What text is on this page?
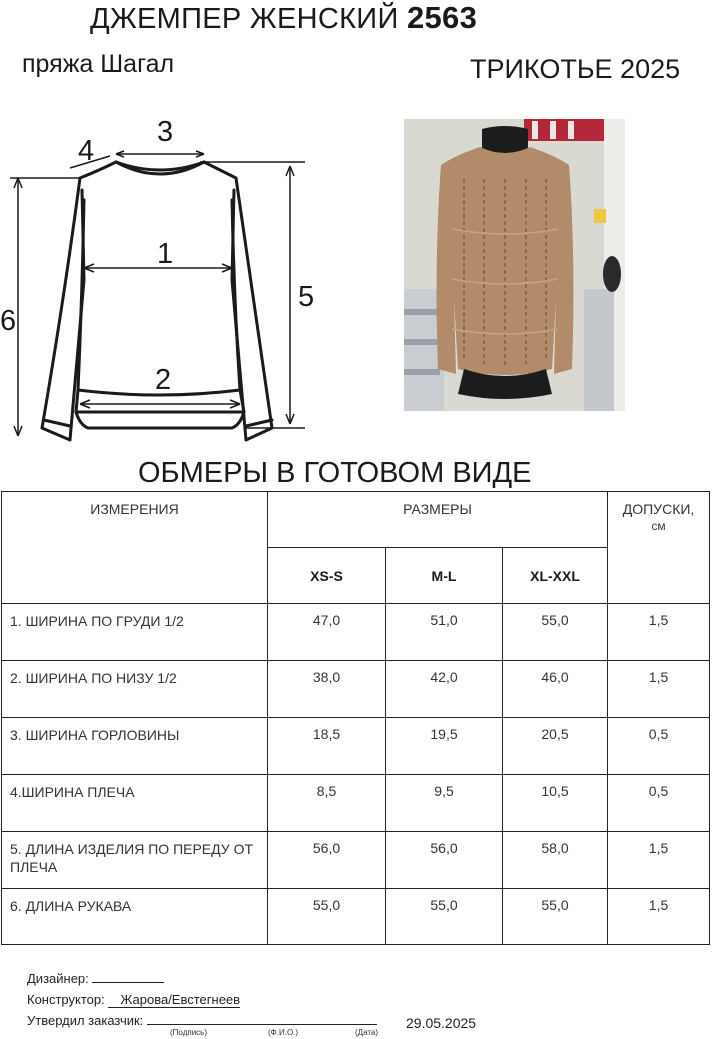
ДЖЕМПЕР ЖЕНСКИЙ 2563
пряжа Шагал	ТРИКОТЬЕ 2025
3
4
1
2
5
6
ОБМЕРЫ В ГОТОВОМ ВИДЕ
ИЗМЕРЕНИЯ	РАЗМЕРЫ			ДОПУСКИ,
см

	XS-S	M-L	XL-XXL	
1. ШИРИНА ПО ГРУДИ 1/2	47,0	51,0	55,0	1,5
2. ШИРИНА ПО НИЗУ 1/2	38,0	42,0	46,0	1,5
3. ШИРИНА ГОРЛОВИНЫ	18,5	19,5	20,5	0,5
4.ШИРИНА ПЛЕЧА	8,5	9,5	10,5	0,5
5. ДЛИНА ИЗДЕЛИЯ ПО ПЕРЕДУ ОТ ПЛЕЧА	56,0	56,0	58,0	1,5
6. ДЛИНА РУКАВА	55,0	55,0	55,0	1,5
Дизайнер:
Конструктор: Жарова/Евстегнеев
Утвердил заказчик:
(Подпись)	(Ф.И.О.)	(Дата)
29.05.2025
